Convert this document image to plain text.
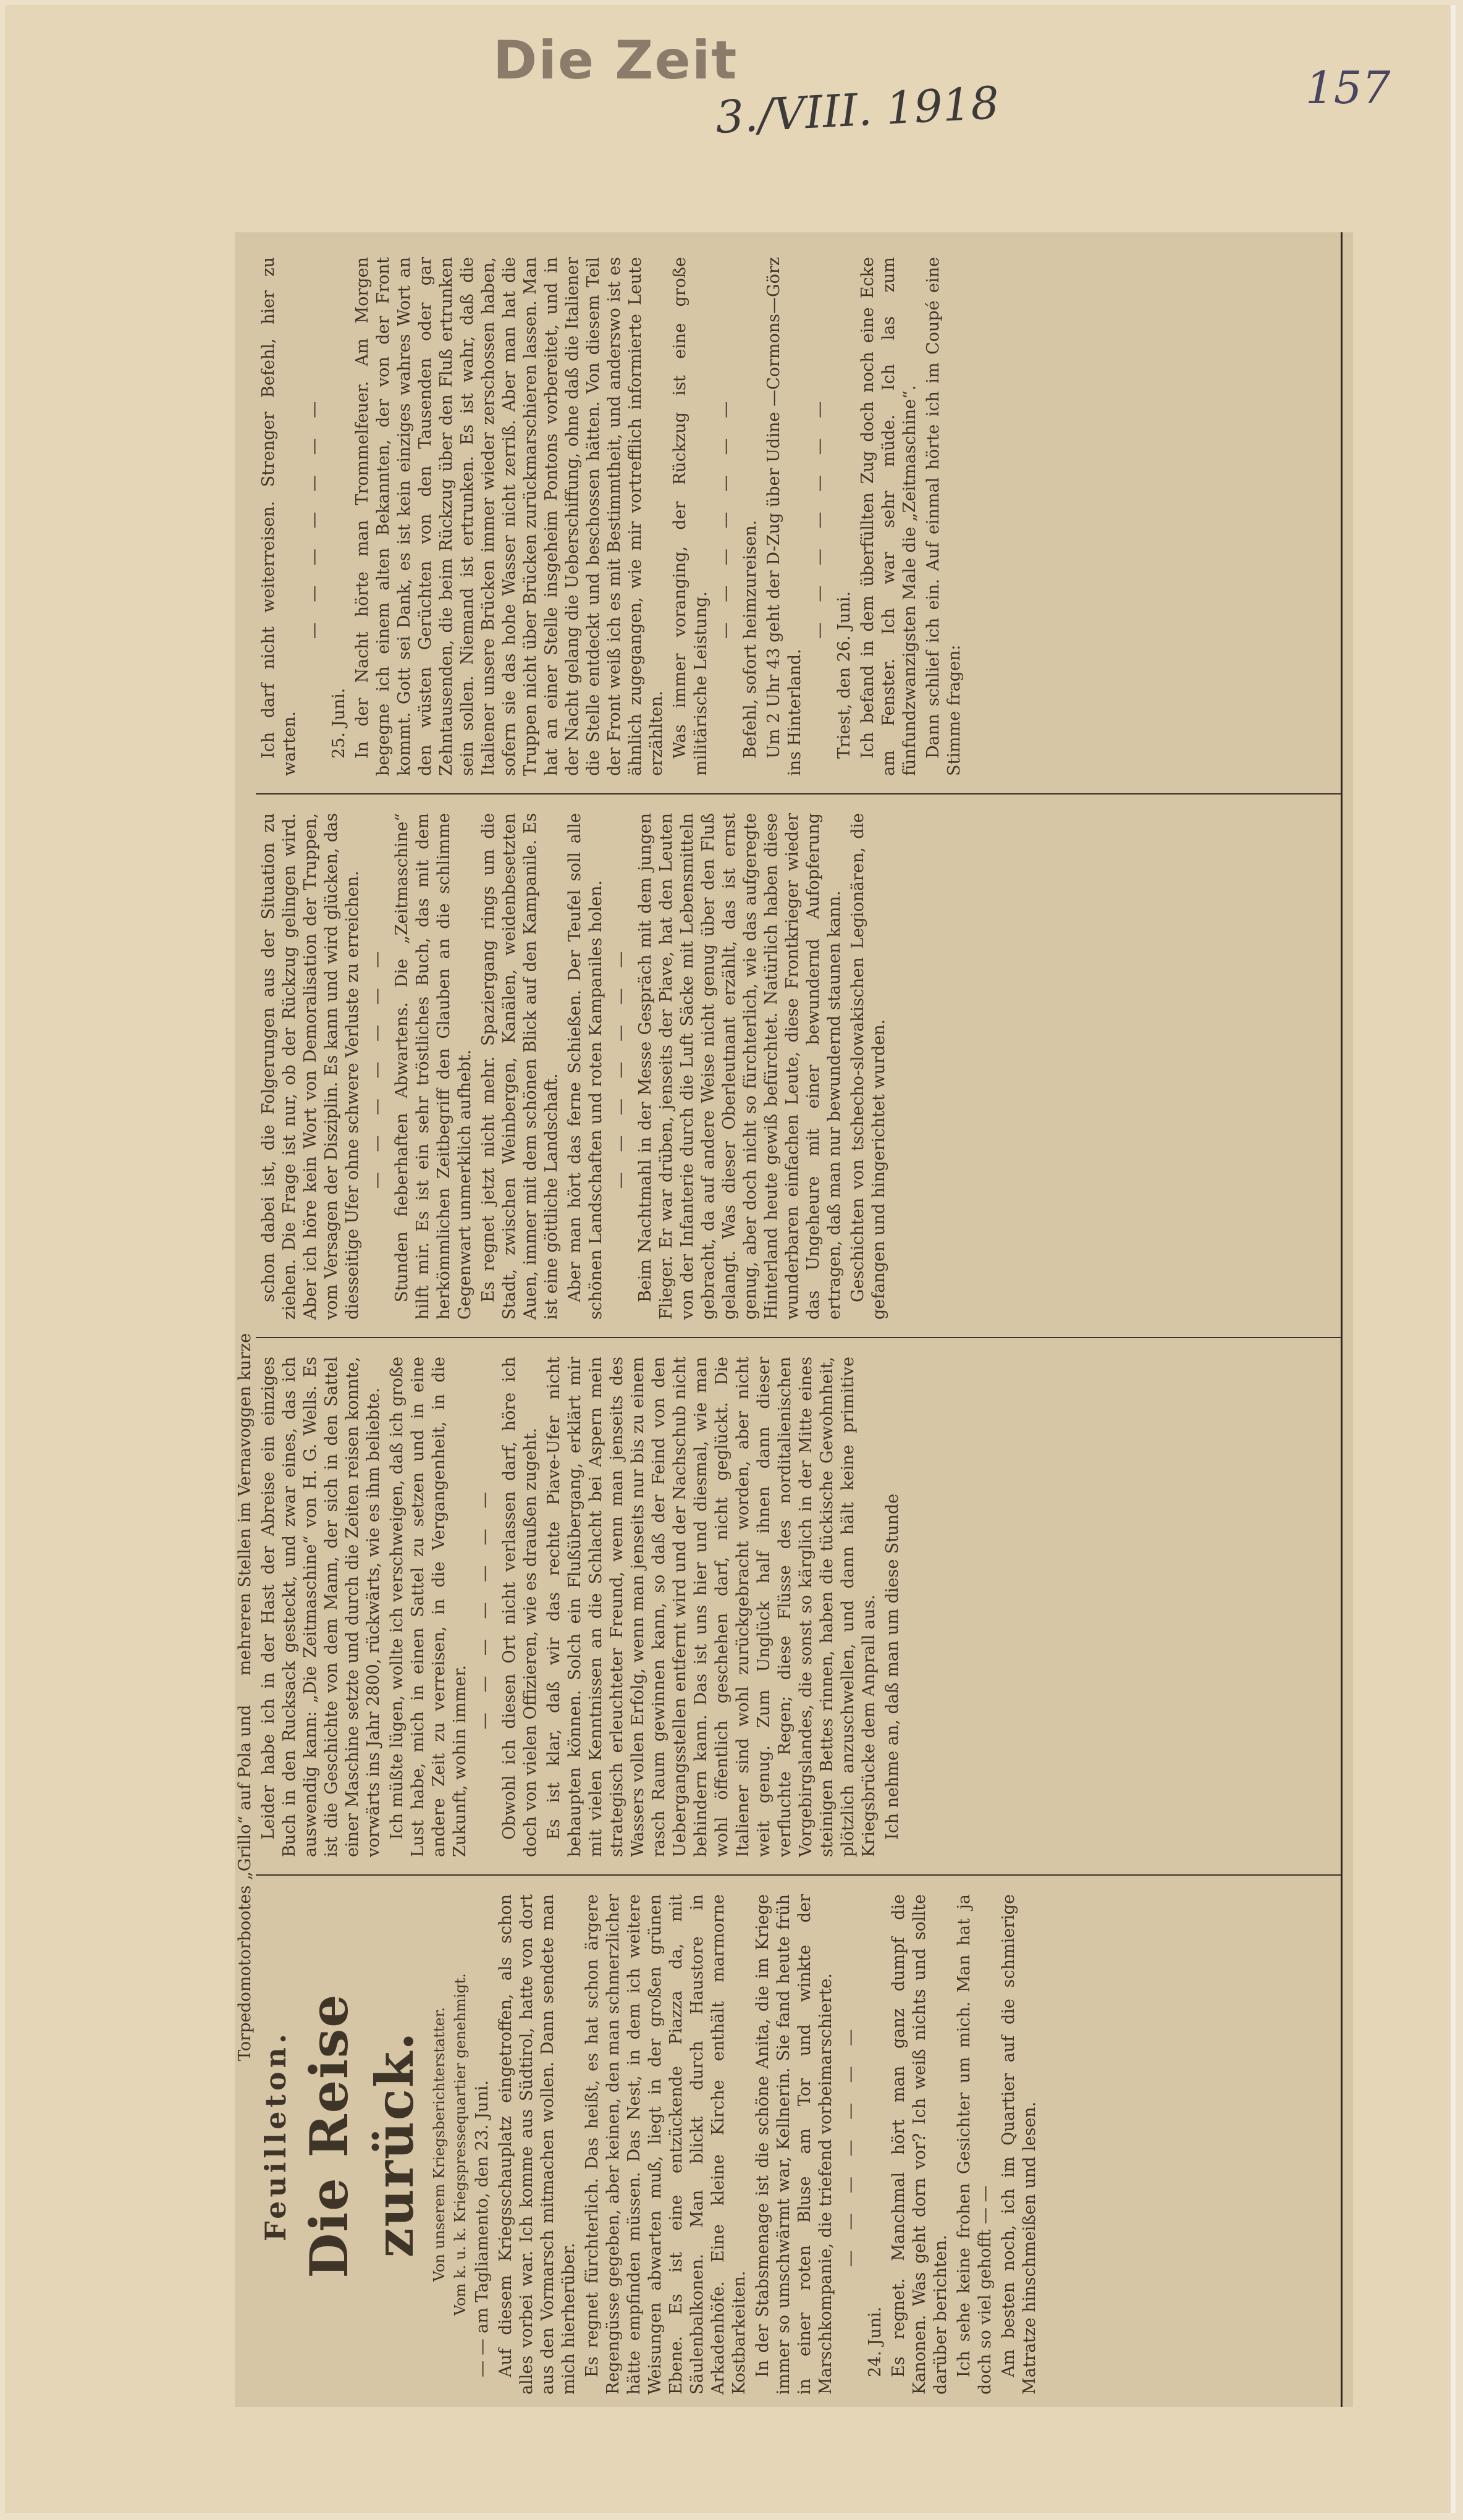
Die Zeit
3./VIII. 1918	157
Torpedomotorbootes „Grillo“ auf Pola und  mehreren Stellen im Vernavoggen kurze

Feuilleton. Die Reise zurück. Von unserem Kriegsberichterstatter. Vom k. u. k. Kriegspressequartier genehmigt. — — am Tagliamento, den 23. Juni. Auf diesem Kriegsschauplatz eingetroffen, als schon alles vorbei war. Ich komme aus Südtirol, hatte von dort aus den Vormarsch mitmachen wollen. Dann sendete man mich hierherüber. Es regnet fürchterlich. Das heißt, es hat schon ärgere Regengüsse gegeben, aber keinen, den man schmerzlicher hätte empfinden müssen. Das Nest, in dem ich weitere Weisungen abwarten muß, liegt in der großen grünen Ebene. Es ist eine entzückende Piazza da, mit Säulenbalkonen. Man blickt durch Haustore in Arkadenhöfe. Eine kleine Kirche enthält marmorne Kostbarkeiten. In der Stabsmenage ist die schöne Anita, die im Kriege immer so umschwärmt war, Kellnerin. Sie fand heute früh in einer roten Bluse am Tor und winkte der Marschkompanie, die triefend vorbeimarschierte. — — — — — — —

24. Juni. Es regnet. Manchmal hört man ganz dumpf die Kanonen. Was geht dorn vor? Ich weiß nichts und sollte darüber berichten. Ich sehe keine frohen Gesichter um mich. Man hat ja doch so viel gehofft — — Am besten noch, ich im Quartier auf die schmierige Matratze hinschmeißen und lesen.

Leider habe ich in der Hast der Abreise ein einziges Buch in den Rucksack gesteckt, und zwar eines, das ich auswendig kann: „Die Zeitmaschine“ von H. G. Wells. Es ist die Geschichte von dem Mann, der sich in den Sattel einer Maschine setzte und durch die Zeiten reisen konnte, vorwärts ins Jahr 2800, rückwärts, wie es ihm beliebte. Ich müßte lügen, wollte ich verschweigen, daß ich große Lust habe, mich in einen Sattel zu setzen und in eine andere Zeit zu verreisen, in die Vergangenheit, in die Zukunft, wohin immer.

— — — — — — — Obwohl ich diesen Ort nicht verlassen darf, höre ich doch von vielen Offizieren, wie es draußen zugeht. Es ist klar, daß wir das rechte Piave-Ufer nicht behaupten können. Solch ein Flußübergang, erklärt mir mit vielen Kenntnissen an die Schlacht bei Aspern mein strategisch erleuchteter Freund, wenn man jenseits des Wassers vollen Erfolg, wenn man jenseits nur bis zu einem rasch Raum gewinnen kann, so daß der Feind von den Uebergangsstellen entfernt wird und der Nachschub nicht behindern kann. Das ist uns hier und diesmal, wie man wohl öffentlich geschehen darf, nicht geglückt. Die Italiener sind wohl zurückgebracht worden, aber nicht weit genug. Zum Unglück half ihnen dann dieser verfluchte Regen; diese Flüsse des norditalienischen Vorgebirgslandes, die sonst so kärglich in der Mitte eines steinigen Bettes rinnen, haben die tückische Gewohnheit, plötzlich anzuschwellen, und dann hält keine primitive Kriegsbrücke dem Anprall aus. Ich nehme an, daß man um diese Stunde

schon dabei ist, die Folgerungen aus der Situation zu ziehen. Die Frage ist nur, ob der Rückzug gelingen wird. Aber ich höre kein Wort von Demoralisation der Truppen, vom Versagen der Disziplin. Es kann und wird glücken, das diesseitige Ufer ohne schwere Verluste zu erreichen. — — — — — — — Stunden fieberhaften Abwartens. Die „Zeitmaschine“ hilft mir. Es ist ein sehr tröstliches Buch, das mit dem herkömmlichen Zeitbegriff den Glauben an die schlimme Gegenwart unmerklich aufhebt. Es regnet jetzt nicht mehr. Spaziergang rings um die Stadt, zwischen Weinbergen, Kanälen, weidenbesetzten Auen, immer mit dem schönen Blick auf den Kampanile. Es ist eine göttliche Landschaft. Aber man hört das ferne Schießen. Der Teufel soll alle schönen Landschaften und roten Kampaniles holen. — — — — — — — Beim Nachtmahl in der Messe Gespräch mit dem jungen Flieger. Er war drüben, jenseits der Piave, hat den Leuten von der Infanterie durch die Luft Säcke mit Lebensmitteln gebracht, da auf andere Weise nicht genug über den Fluß gelangt. Was dieser Oberleutnant erzählt, das ist ernst genug, aber doch nicht so fürchterlich, wie das aufgeregte Hinterland heute gewiß befürchtet. Natürlich haben diese wunderbaren einfachen Leute, diese Frontkrieger wieder das Ungeheure mit einer bewundernd Aufopferung ertragen, daß man nur bewundernd staunen kann. Geschichten von tschecho-slowakischen Legionären, die gefangen und hingerichtet wurden.

Ich darf nicht weiterreisen. Strenger Befehl, hier zu warten.

— — — — — — —

25. Juni. In der Nacht hörte man Trommelfeuer. Am Morgen begegne ich einem alten Bekannten, der von der Front kommt. Gott sei Dank, es ist kein einziges wahres Wort an den wüsten Gerüchten von den Tausenden oder gar Zehntausenden, die beim Rückzug über den Fluß ertrunken sein sollen. Niemand ist ertrunken. Es ist wahr, daß die Italiener unsere Brücken immer wieder zerschossen haben, sofern sie das hohe Wasser nicht zerriß. Aber man hat die Truppen nicht über Brücken zurückmarschieren lassen. Man hat an einer Stelle insgeheim Pontons vorbereitet, und in der Nacht gelang die Ueberschiffung, ohne daß die Italiener die Stelle entdeckt und beschossen hätten. Von diesem Teil der Front weiß ich es mit Bestimmtheit, und anderswo ist es ähnlich zugegangen, wie mir vortrefflich informierte Leute erzählten. Was immer voranging, der Rückzug ist eine große militärische Leistung.

— — — — — — —

Befehl, sofort heimzureisen. Um 2 Uhr 43 geht der D-Zug über Udine —Cormons—Görz ins Hinterland.

— — — — — — —

Triest, den 26. Juni. Ich befand in dem überfüllten Zug doch noch eine Ecke am Fenster. Ich war sehr müde. Ich las zum fünfundzwanzigsten Male die „Zeitmaschine“. Dann schlief ich ein. Auf einmal hörte ich im Coupé eine Stimme fragen:
